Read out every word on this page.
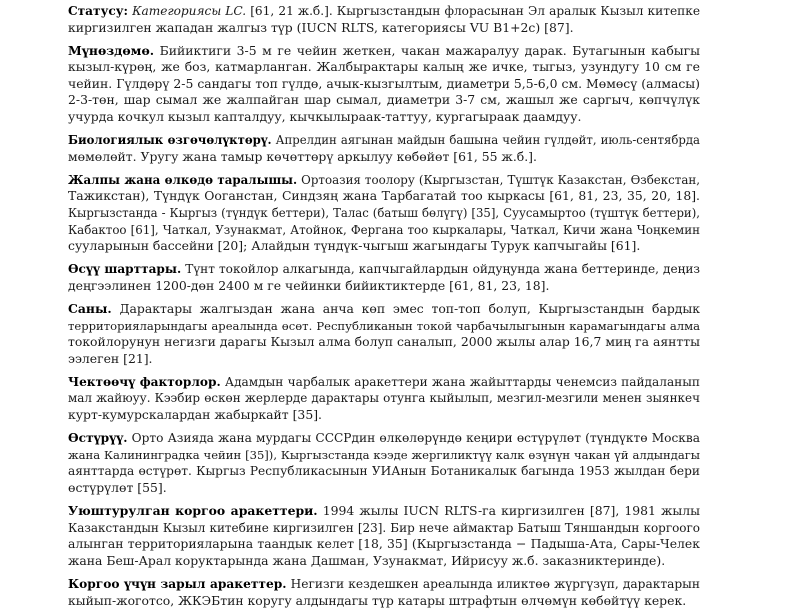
Статусу: Категориясы LC. [61, 21 ж.б.]. Кыргызстандын флорасынан Эл аралык Кызыл китепке
киргизилген жападан жалгыз түр (IUCN RLTS, категориясы VU B1+2c) [87].

Мүнөздөмө. Бийиктиги 3-5 м ге чейин жеткен, чакан мажаралуу дарак. Бутагынын кабыгы
кызыл-күрөң, же боз, катмарланган. Жалбырактары калың же ичке, тыгыз, узундугу 10 см ге
чейин. Гүлдөрү 2-5 сандагы топ гүлдө, ачык-кызгылтым, диаметри 5,5-6,0 см. Мөмөсү (алмасы)
2-3-төн, шар сымал же жалпайган шар сымал, диаметри 3-7 см, жашыл же саргыч, көпчүлүк
учурда кочкул кызыл капталдуу, кычкылыраак-таттуу, кургагыраак даамдуу.

Биологиялык өзгөчөлүктөрү. Апрелдин аягынан майдын башына чейин гүлдөйт, июль-сентябрда
мөмөлөйт. Уругу жана тамыр көчөттөрү аркылуу көбөйөт [61, 55 ж.б.].

Жалпы жана өлкөдө таралышы. Ортоазия тоолору (Кыргызстан, Түштүк Казакстан, Өзбекстан,
Тажикстан), Түндүк Ооганстан, Синдзяң жана Тарбагатай тоо кыркасы [61, 81, 23, 35, 20, 18].
Кыргызстанда - Кыргыз (түндүк беттери), Талас (батыш бөлүгү) [35], Суусамыртоо (түштүк беттери),
Кабактоо [61], Чаткал, Узунакмат, Атойнок, Фергана тоо кыркалары, Чаткал, Кичи жана Чоңкемин
сууларынын бассейни [20]; Алайдын түндүк-чыгыш жагындагы Турук капчыгайы [61].

Өсүү шарттары. Түнт токойлор алкагында, капчыгайлардын ойдуңунда жана беттеринде, деңиз
деңгээлинен 1200-дөн 2400 м ге чейинки бийиктиктерде [61, 81, 23, 18].

Саны. Дарактары жалгыздан жана анча көп эмес топ-топ болуп, Кыргызстандын бардык
территорияларындагы ареалында өсөт. Республиканын токой чарбачылыгынын карамагындагы алма
токойлорунун негизги дарагы Кызыл алма болуп саналып, 2000 жылы алар 16,7 миң га аянтты
ээлеген [21].

Чектөөчү факторлор. Адамдын чарбалык аракеттери жана жайыттарды ченемсиз пайдаланып
мал жайюуу. Кээбир өскөн жерлерде дарактары отунга кыйылып, мезгил-мезгили менен зыянкеч
курт-кумурскалардан жабыркайт [35].

Өстүрүү. Орто Азияда жана мурдагы СССРдин өлкөлөрүндө кеңири өстүрүлөт (түндүктө Москва
жана Калининградка чейин [35]), Кыргызстанда кээде жергиликтүү калк өзүнүн чакан үй алдындагы
аянттарда өстүрөт. Кыргыз Республикасынын УИАнын Ботаникалык багында 1953 жылдан бери
өстүрүлөт [55].

Уюштурулган коргоо аракеттери. 1994 жылы IUCN RLTS-га киргизилген [87], 1981 жылы
Казакстандын Кызыл китебине киргизилген [23]. Бир нече аймактар Батыш Тяншандын коргоого
алынган территорияларына таандык келет [18, 35] (Кыргызстанда − Падыша-Ата, Сары-Челек
жана Беш-Арал коруктарында жана Дашман, Узунакмат, Ийрисуу ж.б. заказниктеринде).

Коргоо үчүн зарыл аракеттер. Негизги кездешкен ареалында иликтөө жүргүзүп, дарактарын
кыйып-жоготсо, ЖКЭБтин коругу алдындагы түр катары штрафтын өлчөмүн көбөйтүү керек.
